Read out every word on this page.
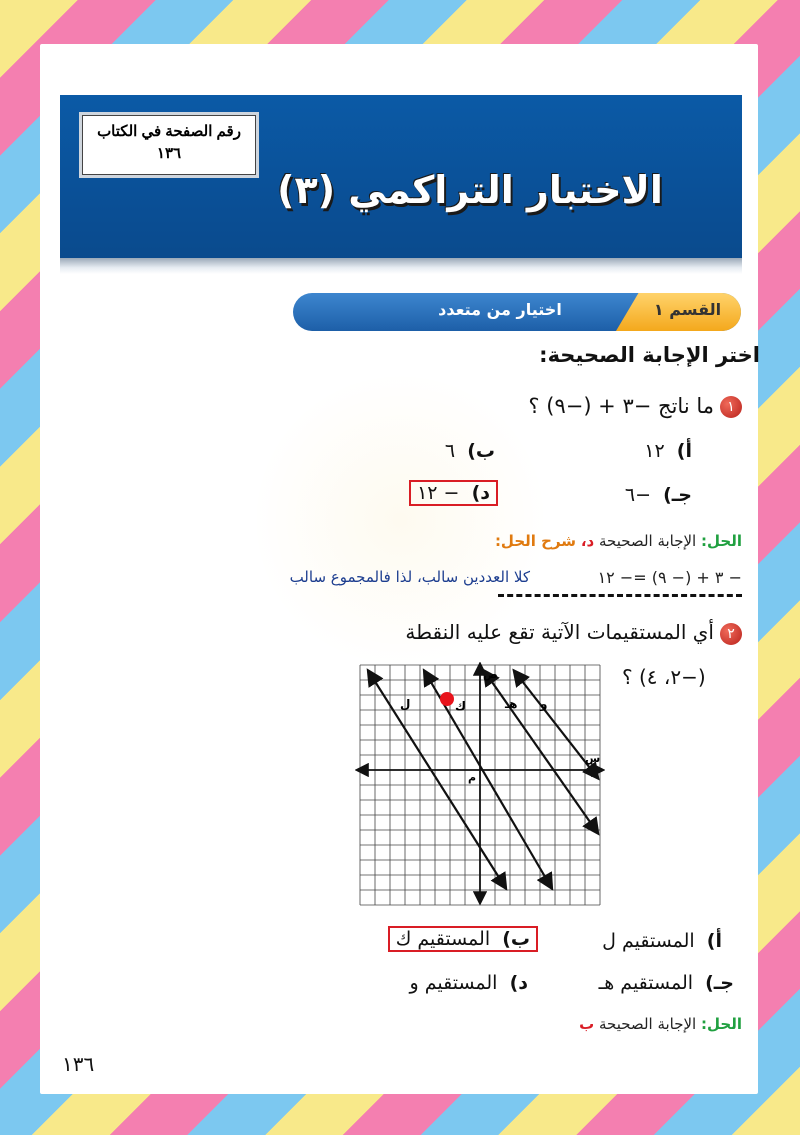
رقم الصفحة في الكتاب
١٣٦
الاختبار التراكمي (٣)
القسم ١
اختيار من متعدد
اختر الإجابة الصحيحة:
١ما ناتج −٣ + (−٩) ؟
أ)  ١٢
ب)  ٦
جـ)  −٦
د)  − ١٢
الحل: الإجابة الصحيحة د، شرح الحل:
− ٣ + (− ٩) =− ١٢
كلا العددين سالب، لذا فالمجموع سالب
٢أي المستقيمات الآتية تقع عليه النقطة
(−٢، ٤) ؟
ص
س
م
ل	ك	هـ و
أ)  المستقيم ل
ب)  المستقيم ك
جـ)  المستقيم هـ
د)  المستقيم و
الحل: الإجابة الصحيحة ب
١٣٦
